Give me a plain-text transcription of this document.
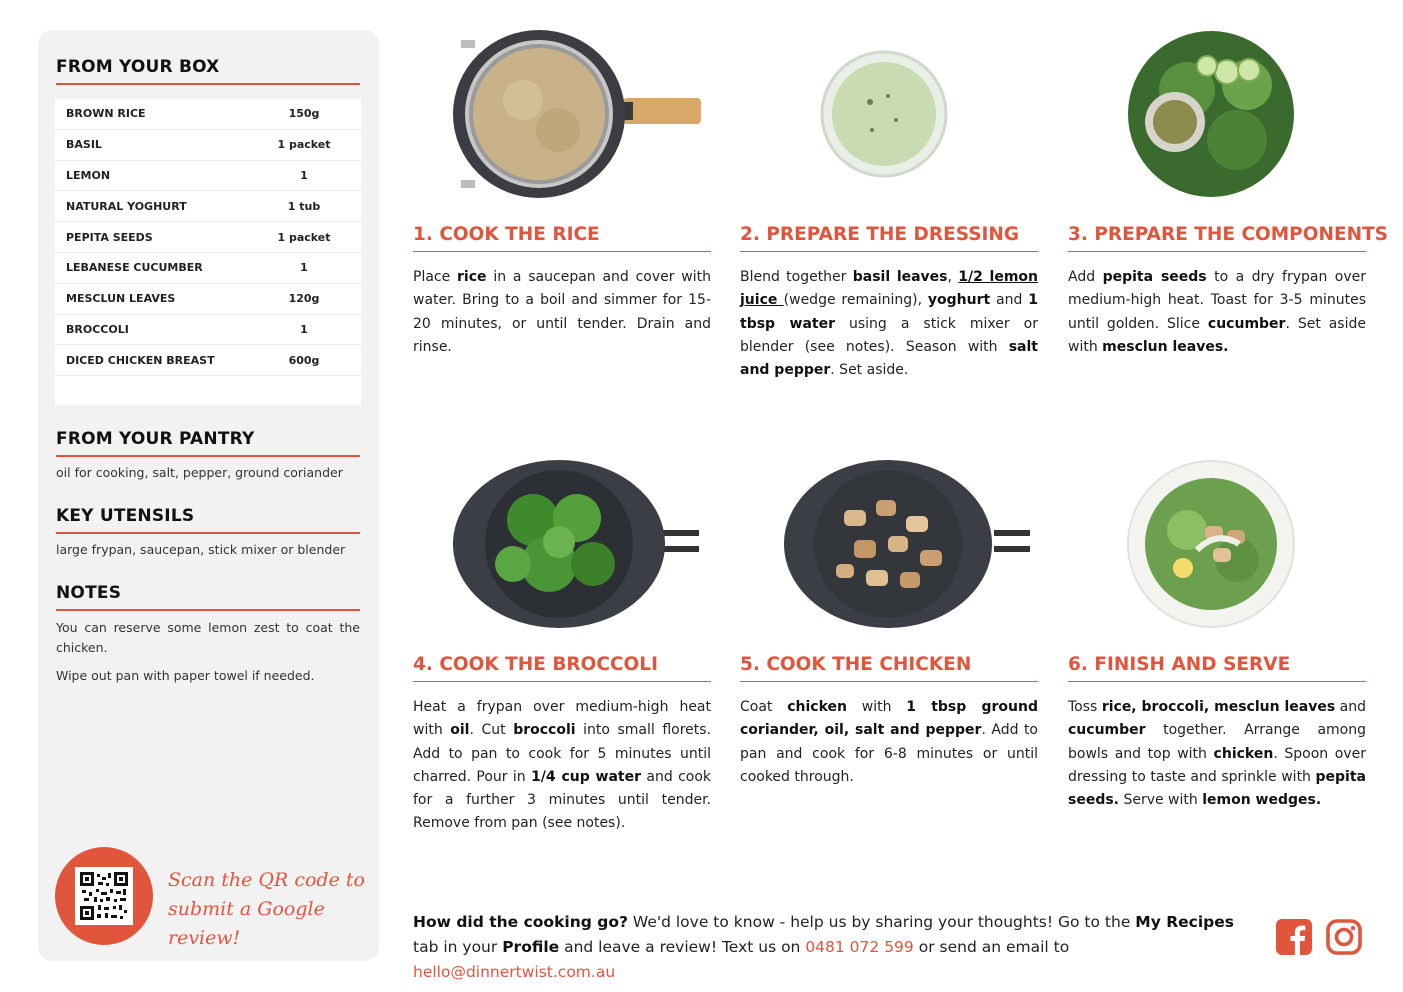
FROM YOUR BOX
BROWN RICE	150g
BASIL	1 packet
LEMON	1
NATURAL YOGHURT	1 tub
PEPITA SEEDS	1 packet
LEBANESE CUCUMBER	1
MESCLUN LEAVES	120g
BROCCOLI	1
DICED CHICKEN BREAST	600g
FROM YOUR PANTRY
oil for cooking, salt, pepper, ground coriander
KEY UTENSILS
large frypan, saucepan, stick mixer or blender
NOTES
You can reserve some lemon zest to coat the chicken.
Wipe out pan with paper towel if needed.
Scan the QR code to
submit a Google review!
1. COOK THE RICE
Place rice in a saucepan and cover with water. Bring to a boil and simmer for 15-20 minutes, or until tender. Drain and rinse.
2. PREPARE THE DRESSING
Blend together basil leaves, 1/2 lemon juice (wedge remaining), yoghurt and 1 tbsp water using a stick mixer or blender (see notes). Season with salt and pepper. Set aside.
3. PREPARE THE COMPONENTS
Add pepita seeds to a dry frypan over medium-high heat. Toast for 3-5 minutes until golden. Slice cucumber. Set aside with mesclun leaves.
4. COOK THE BROCCOLI
Heat a frypan over medium-high heat with oil. Cut broccoli into small florets. Add to pan to cook for 5 minutes until charred. Pour in 1/4 cup water and cook for a further 3 minutes until tender. Remove from pan (see notes).
5. COOK THE CHICKEN
Coat chicken with 1 tbsp ground coriander, oil, salt and pepper. Add to pan and cook for 6-8 minutes or until cooked through.
6. FINISH AND SERVE
Toss rice, broccoli, mesclun leaves and cucumber together. Arrange among bowls and top with chicken. Spoon over dressing to taste and sprinkle with pepita seeds. Serve with lemon wedges.
How did the cooking go? We'd love to know - help us by sharing your thoughts! Go to the My Recipes tab in your Profile and leave a review! Text us on 0481 072 599 or send an email to hello@dinnertwist.com.au
